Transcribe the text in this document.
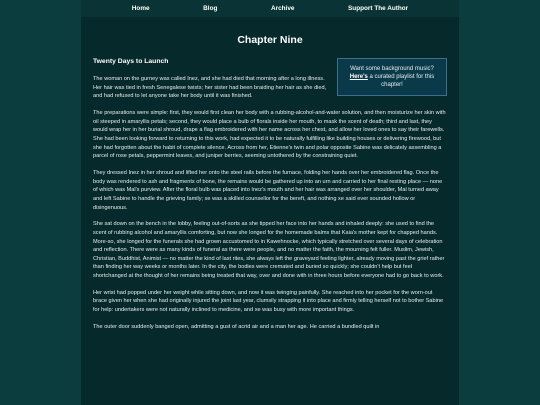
Home	Blog	Archive	Support The Author
Chapter Nine
Want some background music?
Here's a curated playlist for this chapter!
Twenty Days to Launch

The woman on the gurney was called Inez, and she had died that morning after a long illness. Her hair was tied in fresh Senegalese twists; her sister had been braiding her hair as she died, and had refused to let anyone take her body until it was finished.

The preparations were simple: first, they would first clean her body with a rubbing-alcohol-and-water solution, and then moisturize her skin with oil steeped in amaryllis petals; second, they would place a bulb of florals inside her mouth, to mask the scent of death; third and last, they would wrap her in her burial shroud, drape a flag embroidered with her name across her chest, and allow her loved ones to say their farewells. She had been looking forward to returning to this work, had expected it to be naturally fulfilling like building houses or delivering firewood, but she had forgotten about the habit of complete silence. Across from her, Etienne's twin and polar opposite Sabine was delicately assembling a parcel of rose petals, peppermint leaves, and juniper berries, seeming untothered by the constraining quiet.

They dressed Inez in her shroud and lifted her onto the steel rails before the furnace, folding her hands over her embroidered flag. Once the body was rendered to ash and fragments of bone, the remains would be gathered up into an urn and carried to her final resting place — none of which was Mal's purview. After the floral bulb was placed into Inez's mouth and her hair was arranged over her shoulder, Mal turned away and left Sabine to handle the grieving family; xe was a skilled counsellor for the bereft, and nothing xe said ever sounded hollow or disingenuous.

She sat down on the bench in the lobby, feeling out-of-sorts as she tipped her face into her hands and inhaled deeply: she used to find the scent of rubbing alcohol and amaryllis comforting, but now she longed for the homemade balms that Kaia's mother kept for chapped hands. More-so, she longed for the funerals she had grown accustomed to in Kawehnocke, which typically stretched over several days of celebration and reflection. There were as many kinds of funeral as there were people, and no matter the faith, the mourning felt fuller. Muslim, Jewish, Christian, Buddhist, Animist — no matter the kind of last rites, she always left the graveyard feeling lighter, already moving past the grief rather than finding her way weeks or months later. In the city, the bodies were cremated and buried so quickly; she couldn't help but feel shortchanged at the thought of her remains being treated that way, over and done with in three hours before everyone had to go back to work.

Her wrist had popped under her weight while sitting down, and now it was twinging painfully. She reached into her pocket for the worn-out brace given her when she had originally injured the joint last year, clumsily strapping it into place and firmly telling herself not to bother Sabine for help: undertakers were not naturally inclined to medicine, and xe was busy with more important things.

The outer door suddenly banged open, admitting a gust of acrid air and a man her age. He carried a bundled quilt in
